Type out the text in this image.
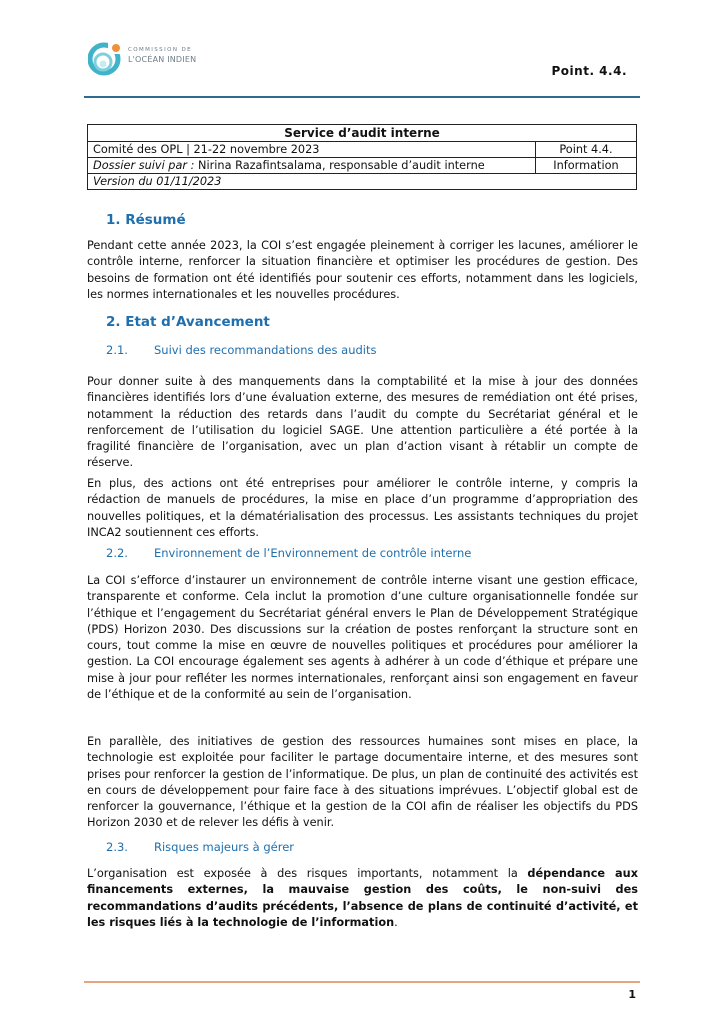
COMMISSION DE
L'OCÉAN INDIEN
Point. 4.4.
Service d’audit interne	
Comité des OPL | 21-22 novembre 2023	Point 4.4.
Dossier suivi par : Nirina Razafintsalama, responsable d’audit interne	Information
Version du 01/11/2023	
1. Résumé
Pendant cette année 2023, la COI s’est engagée pleinement à corriger les lacunes, améliorer le contrôle interne, renforcer la situation financière et optimiser les procédures de gestion. Des besoins de formation ont été identifiés pour soutenir ces efforts, notamment dans les logiciels, les normes internationales et les nouvelles procédures.
2. Etat d’Avancement
2.1. Suivi des recommandations des audits
Pour donner suite à des manquements dans la comptabilité et la mise à jour des données financières identifiés lors d’une évaluation externe, des mesures de remédiation ont été prises, notamment la réduction des retards dans l’audit du compte du Secrétariat général et le renforcement de l’utilisation du logiciel SAGE. Une attention particulière a été portée à la fragilité financière de l’organisation, avec un plan d’action visant à rétablir un compte de réserve.
En plus, des actions ont été entreprises pour améliorer le contrôle interne, y compris la rédaction de manuels de procédures, la mise en place d’un programme d’appropriation des nouvelles politiques, et la dématérialisation des processus. Les assistants techniques du projet INCA2 soutiennent ces efforts.
2.2. Environnement de l’Environnement de contrôle interne
La COI s’efforce d’instaurer un environnement de contrôle interne visant une gestion efficace, transparente et conforme. Cela inclut la promotion d’une culture organisationnelle fondée sur l’éthique et l’engagement du Secrétariat général envers le Plan de Développement Stratégique (PDS) Horizon 2030. Des discussions sur la création de postes renforçant la structure sont en cours, tout comme la mise en œuvre de nouvelles politiques et procédures pour améliorer la gestion. La COI encourage également ses agents à adhérer à un code d’éthique et prépare une mise à jour pour refléter les normes internationales, renforçant ainsi son engagement en faveur de l’éthique et de la conformité au sein de l’organisation.
En parallèle, des initiatives de gestion des ressources humaines sont mises en place, la technologie est exploitée pour faciliter le partage documentaire interne, et des mesures sont prises pour renforcer la gestion de l’informatique. De plus, un plan de continuité des activités est en cours de développement pour faire face à des situations imprévues. L’objectif global est de renforcer la gouvernance, l’éthique et la gestion de la COI afin de réaliser les objectifs du PDS Horizon 2030 et de relever les défis à venir.
2.3. Risques majeurs à gérer
L’organisation est exposée à des risques importants, notamment la dépendance aux financements externes, la mauvaise gestion des coûts, le non-suivi des recommandations d’audits précédents, l’absence de plans de continuité d’activité, et les risques liés à la technologie de l’information.
1
